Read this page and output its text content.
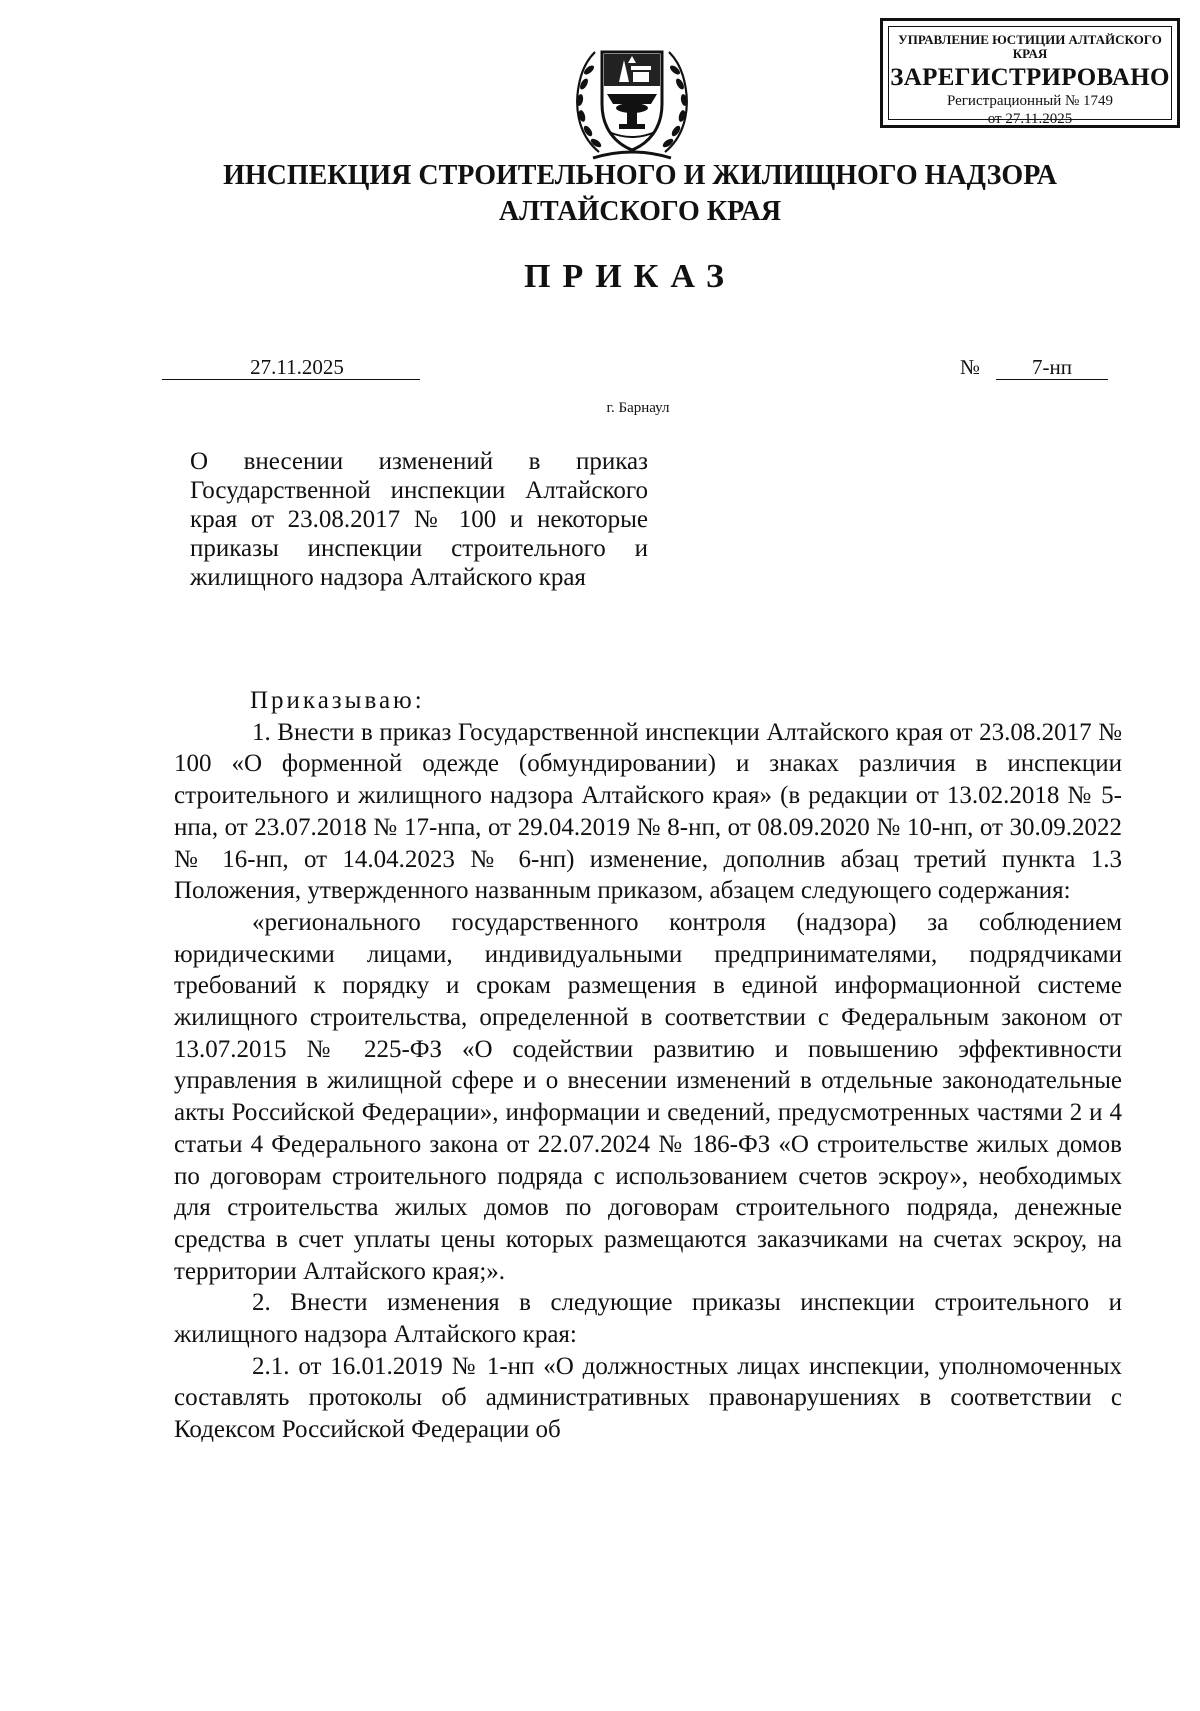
УПРАВЛЕНИЕ ЮСТИЦИИ АЛТАЙСКОГО КРАЯ
ЗАРЕГИСТРИРОВАНО
Регистрационный № 1749
от 27.11.2025
ИНСПЕКЦИЯ СТРОИТЕЛЬНОГО И ЖИЛИЩНОГО НАДЗОРА
АЛТАЙСКОГО КРАЯ
ПРИКАЗ
27.11.2025	№	7-нп
г. Барнаул
О внесении изменений в приказ Государственной инспекции Алтайского края от 23.08.2017 № 100 и некоторые приказы инспекции строительного и жилищного надзора Алтайского края

Приказываю:

1. Внести в приказ Государственной инспекции Алтайского края от 23.08.2017 № 100 «О форменной одежде (обмундировании) и знаках различия в инспекции строительного и жилищного надзора Алтайского края» (в редакции от 13.02.2018 № 5-нпа, от 23.07.2018 № 17-нпа, от 29.04.2019 № 8-нп, от 08.09.2020 № 10-нп, от 30.09.2022 № 16-нп, от 14.04.2023 № 6-нп) изменение, дополнив абзац третий пункта 1.3 Положения, утвержденного названным приказом, абзацем следующего содержания:

«регионального государственного контроля (надзора) за соблюдением юридическими лицами, индивидуальными предпринимателями, подрядчиками требований к порядку и срокам размещения в единой информационной системе жилищного строительства, определенной в соответствии с Федеральным законом от 13.07.2015 № 225-ФЗ «О содействии развитию и повышению эффективности управления в жилищной сфере и о внесении изменений в отдельные законодательные акты Российской Федерации», информации и сведений, предусмотренных частями 2 и 4 статьи 4 Федерального закона от 22.07.2024 № 186-ФЗ «О строительстве жилых домов по договорам строительного подряда с использованием счетов эскроу», необходимых для строительства жилых домов по договорам строительного подряда, денежные средства в счет уплаты цены которых размещаются заказчиками на счетах эскроу, на территории Алтайского края;».

2. Внести изменения в следующие приказы инспекции строительного и жилищного надзора Алтайского края:

2.1. от 16.01.2019 № 1-нп «О должностных лицах инспекции, уполномоченных составлять протоколы об административных правонарушениях в соответствии с Кодексом Российской Федерации об
